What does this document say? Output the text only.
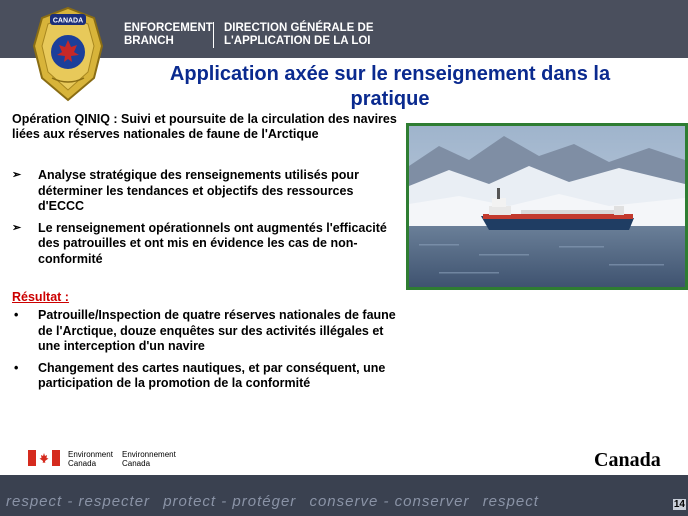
ENFORCEMENT
BRANCH
DIRECTION GÉNÉRALE DE
L'APPLICATION DE LA LOI
CANADA
Application axée sur le renseignement dans la
pratique
Opération QINIQ : Suivi et poursuite de la circulation des navires liées aux réserves nationales de faune de l'Arctique
➢ Analyse stratégique des renseignements utilisés pour déterminer les tendances et objectifs des ressources d'ECCC
➢ Le renseignement opérationnels ont augmentés l'efficacité des patrouilles et ont mis en évidence les cas de non- conformité
Résultat :
• Patrouille/Inspection de quatre réserves nationales de faune de l'Arctique, douze enquêtes sur des activités illégales et une interception d'un navire
• Changement des cartes nautiques, et par conséquent, une participation de la promotion de la conformité
Environment
Canada
Environnement
Canada	Canada
respect - respecter protect - protéger conserve - conserver respect	14
